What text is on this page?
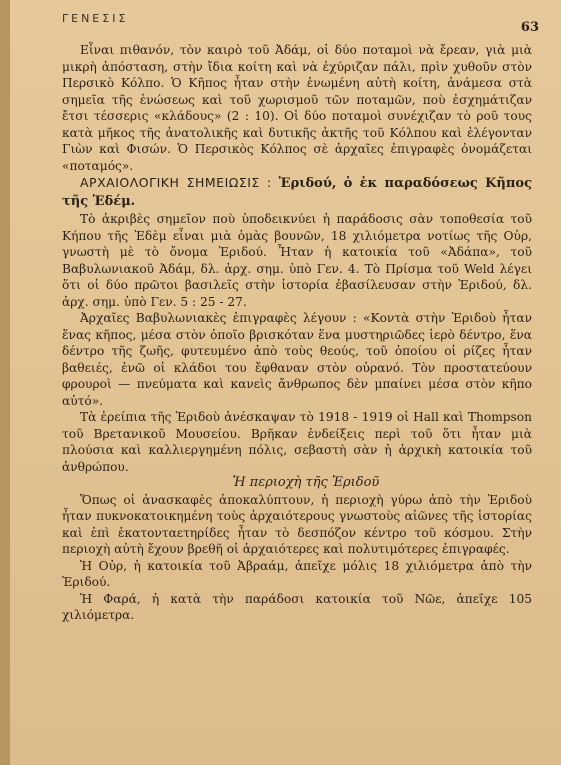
ΓΕΝΕΣΙΣ
63

Εἶναι πιθανόν, τὸν καιρὸ τοῦ Ἀδάμ, οἱ δύο ποταμοὶ νὰ ἔρεαν, γιὰ μιὰ μικρὴ ἀπόσταση, στὴν ἴδια κοίτη καὶ νὰ ἐχύριζαν πάλι, πρὶν χυθοῦν στὸν Περσικὸ Κόλπο. Ὁ Κῆπος ἦταν στὴν ἑνωμένη αὐτὴ κοίτη, ἀνάμεσα στὰ σημεῖα τῆς ἑνώσεως καὶ τοῦ χωρισμοῦ τῶν ποταμῶν, ποὺ ἐσχημάτιζαν ἔτσι τέσσερις «κλάδους» (2 : 10). Οἱ δύο ποταμοὶ συνέχιζαν τὸ ροῦ τους κατὰ μῆκος τῆς ἀνατολικῆς καὶ δυτικῆς ἀκτῆς τοῦ Κόλπου καὶ ἐλέγονταν Γιὼν καὶ Φισών. Ὁ Περσικὸς Κόλπος σὲ ἀρχαῖες ἐπιγραφὲς ὀνομάζεται «ποταμός».

ΑΡΧΑΙΟΛΟΓΙΚΗ ΣΗΜΕΙΩΣΙΣ : Ἐριδού, ὁ ἐκ παραδόσεως Κῆπος τῆς Ἐδέμ.

Τὸ ἀκριβὲς σημεῖον ποὺ ὑποδεικνύει ἡ παράδοσις σὰν τοποθεσία τοῦ Κήπου τῆς Ἐδὲμ εἶναι μιὰ ὁμὰς βουνῶν, 18 χιλιόμετρα νοτίως τῆς Οὐρ, γνωστὴ μὲ τὸ ὄνομα Ἐριδού. Ἦταν ἡ κατοικία τοῦ «Ἀδάπα», τοῦ Βαβυλωνιακοῦ Ἀδάμ, δλ. ἀρχ. σημ. ὑπὸ Γεν. 4. Τὸ Πρίσμα τοῦ Weld λέγει ὅτι οἱ δύο πρῶτοι βασιλεῖς στὴν ἱστορία ἐβασίλευσαν στὴν Ἐριδού, δλ. ἀρχ. σημ. ὑπὸ Γεν. 5 : 25 - 27.

Ἀρχαῖες Βαβυλωνιακὲς ἐπιγραφὲς λέγουν : «Κοντὰ στὴν Ἐριδοὺ ἦταν ἕνας κῆπος, μέσα στὸν ὁποῖο βρισκόταν ἕνα μυστηριῶδες ἱερὸ δέντρο, ἕνα δέντρο τῆς ζωῆς, φυτευμένο ἀπὸ τοὺς θεούς, τοῦ ὁποίου οἱ ρίζες ἦταν βαθειές, ἐνῶ οἱ κλάδοι του ἔφθαναν στὸν οὐρανό. Τὸν προστατεύουν φρουροὶ — πνεύματα καὶ κανεὶς ἄνθρωπος δὲν μπαίνει μέσα στὸν κῆπο αὐτό».

Τὰ ἐρείπια τῆς Ἐριδοὺ ἀνέσκαψαν τὸ 1918 - 1919 οἱ Hall καὶ Thompson τοῦ Βρετανικοῦ Μουσείου. Βρῆκαν ἐνδείξεις περὶ τοῦ ὅτι ἦταν μιὰ πλούσια καὶ καλλιεργημένη πόλις, σεβαστὴ σὰν ἡ ἀρχικὴ κατοικία τοῦ ἀνθρώπου.

Ἡ περιοχὴ τῆς Ἐριδοῦ

Ὅπως οἱ ἀνασκαφὲς ἀποκαλύπτουν, ἡ περιοχὴ γύρω ἀπὸ τὴν Ἐριδοὺ ἦταν πυκνοκατοικημένη τοὺς ἀρχαιότερους γνωστοὺς αἰῶνες τῆς ἱστορίας καὶ ἐπὶ ἑκατονταετηρίδες ἦταν τὸ δεσπόζον κέντρο τοῦ κόσμου. Στὴν περιοχὴ αὐτὴ ἔχουν βρεθῆ οἱ ἀρχαιότερες καὶ πολυτιμότερες ἐπιγραφές.

Ἡ Οὐρ, ἡ κατοικία τοῦ Ἀβραάμ, ἀπεῖχε μόλις 18 χιλιόμετρα ἀπὸ τὴν Ἐριδού.

Ἡ Φαρά, ἡ κατὰ τὴν παράδοσι κατοικία τοῦ Νῶε, ἀπεῖχε 105 χιλιόμετρα.
